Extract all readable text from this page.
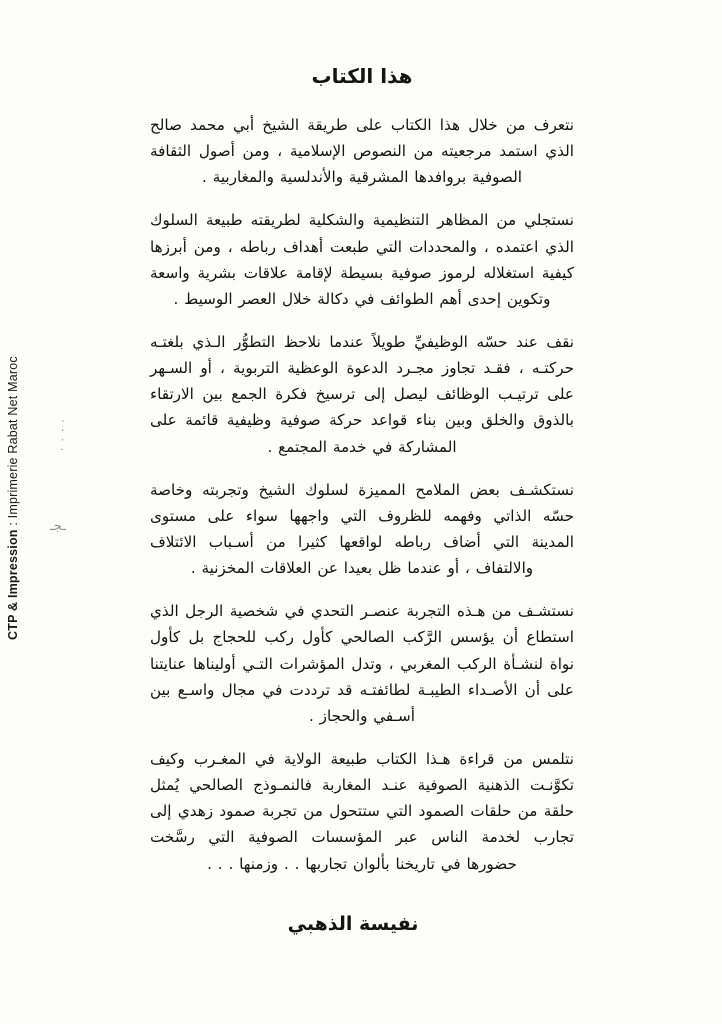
CTP & Impression : Imprimerie Rabat Net Maroc	٠ ٠ ٠ ٠
ـجـ
هذا الكتاب

نتعرف من خلال هذا الكتاب على طريقة الشيخ أبي محمد صالح الذي استمد مرجعيته من النصوص الإسلامية ، ومن أصول الثقافة الصوفية بروافدها المشرقية والأندلسية والمغاربية .

نستجلي من المظاهر التنظيمية والشكلية لطريقته طبيعة السلوك الذي اعتمده ، والمحددات التي طبعت أهداف رباطه ، ومن أبرزها كيفية استغلاله لرموز صوفية بسيطة لإقامة علاقات بشرية واسعة وتكوين إحدى أهم الطوائف في دكالة خلال العصر الوسيط .

نقف عند حسّه الوظيفيِّ طويلاً عندما نلاحظ التطوُّر الـذي بلغتـه حركتـه ، فقـد تجاوز مجـرد الدعوة الوعظية التربوية ، أو السـهر على ترتيـب الوظائف ليصل إلى ترسيخ فكرة الجمع بين الارتقاء بالذوق والخلق وبين بناء قواعد حركة صوفية وظيفية قائمة على المشاركة في خدمة المجتمع .

نستكشـف بعض الملامح المميزة لسلوك الشيخ وتجربته وخاصة حسّه الذاتي وفهمه للظروف التي واجهها سواء على مستوى المدينة التي أضاف رباطه لواقعها كثيرا من أسـباب الائتلاف والالتفاف ، أو عندما ظل بعيدا عن العلاقات المخزنية .

نستشـف من هـذه التجربة عنصـر التحدي في شخصية الرجل الذي استطاع أن يؤسس الرَّكب الصالحي كأول ركب للحجاج بل كأول نواة لنشـأة الركب المغربي ، وتدل المؤشرات التـي أوليناها عنايتنا على أن الأصـداء الطيبـة لطائفتـه قد ترددت في مجال واسـع بين أسـفي والحجاز .

نتلمس من قراءة هـذا الكتاب طبيعة الولاية في المغـرب وكيف تكوَّنـت الذهنية الصوفية عنـد المغاربة فالنمـوذج الصالحي يُمثل حلقة من حلقات الصمود التي ستتحول من تجربة صمود زهدي إلى تجارب لخدمة الناس عبر المؤسسات الصوفية التي رسَّخت حضورها في تاريخنا بألوان تجاربها . . وزمنها . . .

نفيسة الذهبي
